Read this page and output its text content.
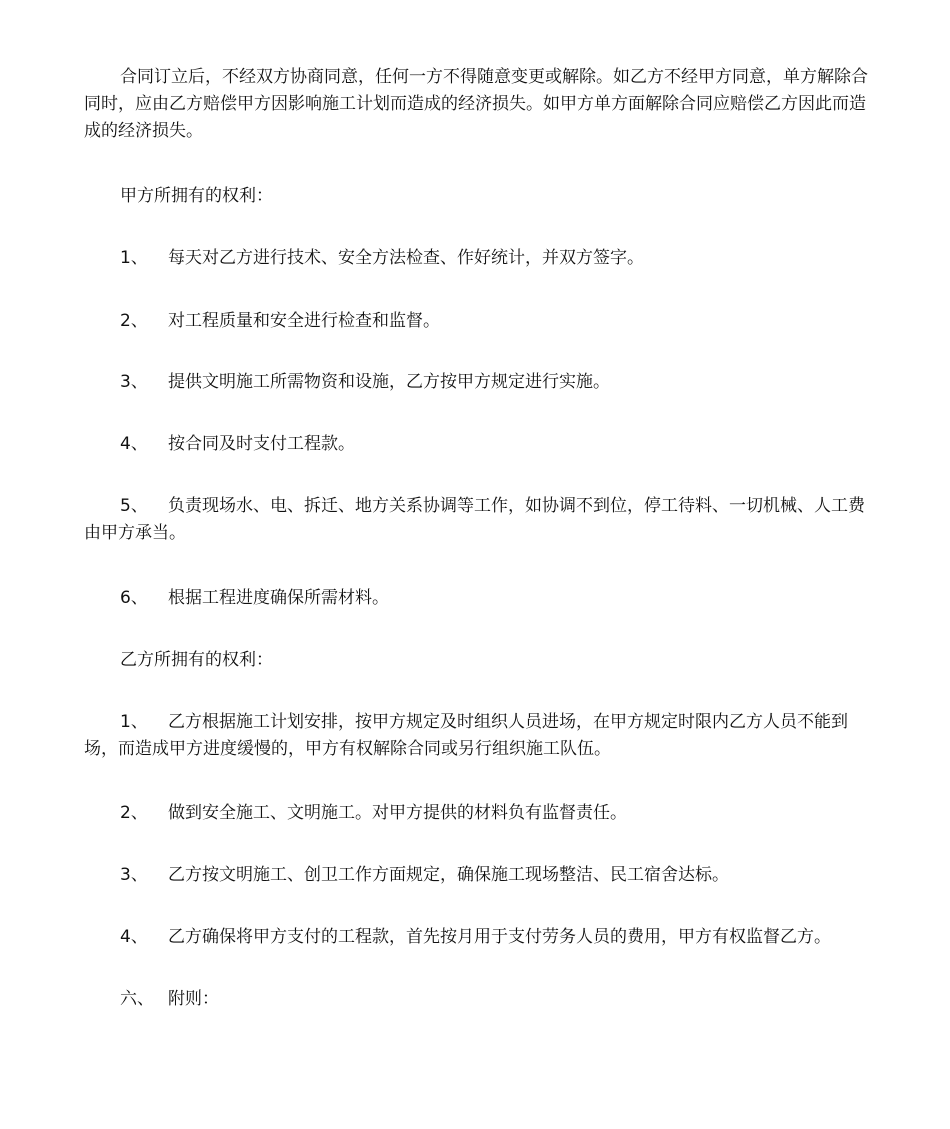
合同订立后，不经双方协商同意，任何一方不得随意变更或解除。如乙方不经甲方同意，单方解除合同时，应由乙方赔偿甲方因影响施工计划而造成的经济损失。如甲方单方面解除合同应赔偿乙方因此而造成的经济损失。

甲方所拥有的权利：

1、 每天对乙方进行技术、安全方法检查、作好统计，并双方签字。

2、 对工程质量和安全进行检查和监督。

3、 提供文明施工所需物资和设施，乙方按甲方规定进行实施。

4、 按合同及时支付工程款。

5、 负责现场水、电、拆迁、地方关系协调等工作，如协调不到位，停工待料、一切机械、人工费由甲方承当。

6、 根据工程进度确保所需材料。

乙方所拥有的权利：

1、 乙方根据施工计划安排，按甲方规定及时组织人员进场，在甲方规定时限内乙方人员不能到场，而造成甲方进度缓慢的，甲方有权解除合同或另行组织施工队伍。

2、 做到安全施工、文明施工。对甲方提供的材料负有监督责任。

3、 乙方按文明施工、创卫工作方面规定，确保施工现场整洁、民工宿舍达标。

4、 乙方确保将甲方支付的工程款，首先按月用于支付劳务人员的费用，甲方有权监督乙方。

六、 附则：
